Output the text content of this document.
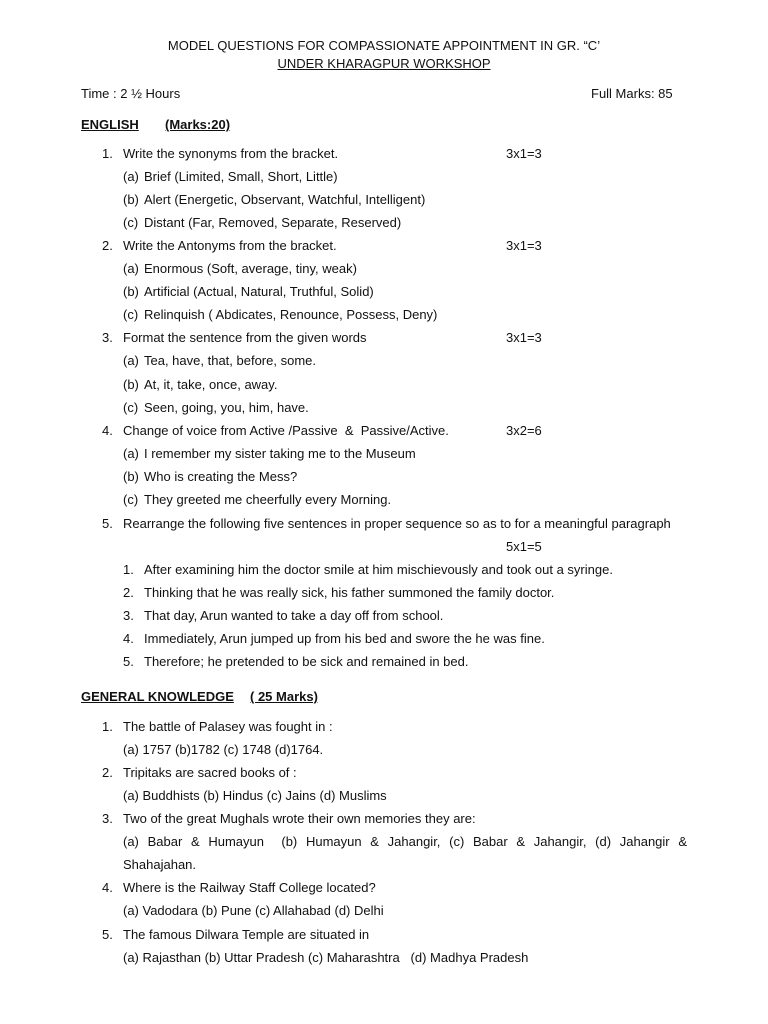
MODEL QUESTIONS FOR COMPASSIONATE APPOINTMENT IN GR. “C’
UNDER KHARAGPUR WORKSHOP
Time : 2 ½ Hours	Full Marks: 85
ENGLISH (Marks:20)
1. Write the synonyms from the bracket.	3x1=3
(a) Brief (Limited, Small, Short, Little)
(b) Alert (Energetic, Observant, Watchful, Intelligent)
(c) Distant (Far, Removed, Separate, Reserved)
2. Write the Antonyms from the bracket.	3x1=3
(a) Enormous (Soft, average, tiny, weak)
(b) Artificial (Actual, Natural, Truthful, Solid)
(c) Relinquish ( Abdicates, Renounce, Possess, Deny)
3. Format the sentence from the given words	3x1=3
(a) Tea, have, that, before, some.
(b) At, it, take, once, away.
(c) Seen, going, you, him, have.
4. Change of voice from Active /Passive  &  Passive/Active.	3x2=6
(a) I remember my sister taking me to the Museum
(b) Who is creating the Mess?
(c) They greeted me cheerfully every Morning.
5. Rearrange the following five sentences in proper sequence so as to for a meaningful paragraph
5x1=5
1. After examining him the doctor smile at him mischievously and took out a syringe.
2. Thinking that he was really sick, his father summoned the family doctor.
3. That day, Arun wanted to take a day off from school.
4. Immediately, Arun jumped up from his bed and swore the he was fine.
5. Therefore; he pretended to be sick and remained in bed.
GENERAL KNOWLEDGE ( 25 Marks)
1. The battle of Palasey was fought in :
(a) 1757 (b)1782 (c) 1748 (d)1764.
2. Tripitaks are sacred books of :
(a) Buddhists (b) Hindus (c) Jains (d) Muslims
3. Two of the great Mughals wrote their own memories they are:
(a) Babar & Humayun  (b) Humayun & Jahangir, (c) Babar & Jahangir, (d) Jahangir &
Shahajahan.
4. Where is the Railway Staff College located?
(a) Vadodara (b) Pune (c) Allahabad (d) Delhi
5. The famous Dilwara Temple are situated in
(a) Rajasthan (b) Uttar Pradesh (c) Maharashtra   (d) Madhya Pradesh
